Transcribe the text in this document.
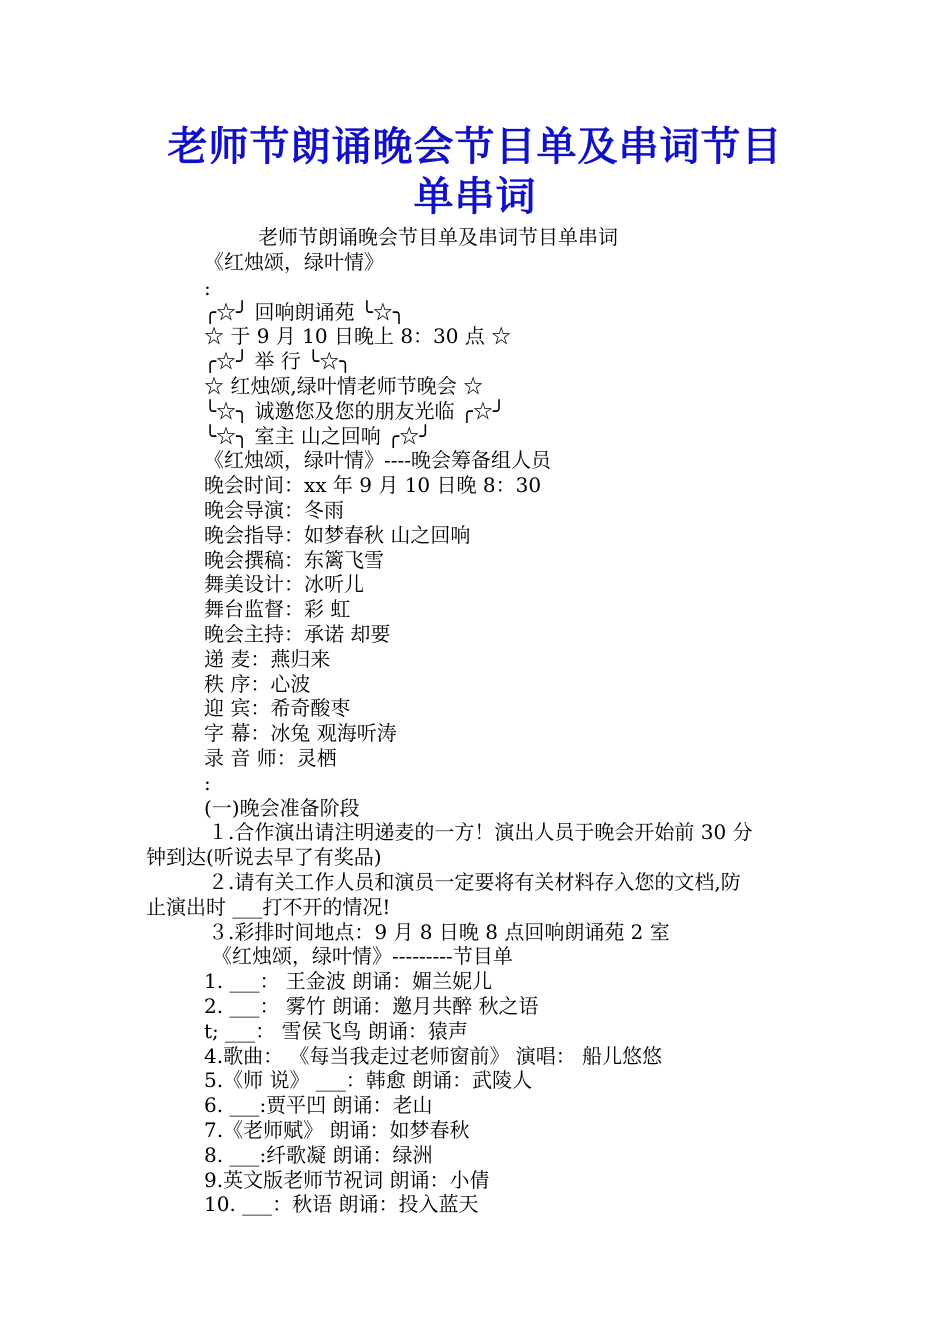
老师节朗诵晚会节目单及串词节目
单串词
老师节朗诵晚会节目单及串词节目单串词
《红烛颂，绿叶情》
:
╭☆╯ 回响朗诵苑 ╰☆╮
☆ 于 9 月 10 日晚上 8：30 点 ☆
╭☆╯ 举 行 ╰☆╮
☆ 红烛颂,绿叶情老师节晚会 ☆
╰☆╮ 诚邀您及您的朋友光临 ╭☆╯
╰☆╮ 室主 山之回响 ╭☆╯
《红烛颂，绿叶情》----晚会筹备组人员
晚会时间：xx 年 9 月 10 日晚 8：30
晚会导演：冬雨
晚会指导：如梦春秋 山之回响
晚会撰稿：东篱飞雪
舞美设计：冰听儿
舞台监督：彩 虹
晚会主持：承诺 却要
递 麦：燕归来
秩 序：心波
迎 宾：希奇酸枣
字 幕：冰兔 观海听涛
录 音 师：灵栖
:
(一)晚会准备阶段
１.合作演出请注明递麦的一方！演出人员于晚会开始前 30 分
钟到达(听说去早了有奖品)
２.请有关工作人员和演员一定要将有关材料存入您的文档,防
止演出时 ___打不开的情况!
３.彩排时间地点：9 月 8 日晚 8 点回响朗诵苑 2 室
《红烛颂，绿叶情》---------节目单
1. ___： 王金波 朗诵：媚兰妮儿
2. ___： 雾竹 朗诵：邀月共醉 秋之语
t; ___： 雪侯飞鸟 朗诵：猿声
4.歌曲： 《每当我走过老师窗前》 演唱： 船儿悠悠
5.《师 说》 ___：韩愈 朗诵：武陵人
6. ___:贾平凹 朗诵：老山
7.《老师赋》 朗诵：如梦春秋
8. ___:纤歌凝 朗诵：绿洲
9.英文版老师节祝词 朗诵：小倩
10. ___：秋语 朗诵：投入蓝天
